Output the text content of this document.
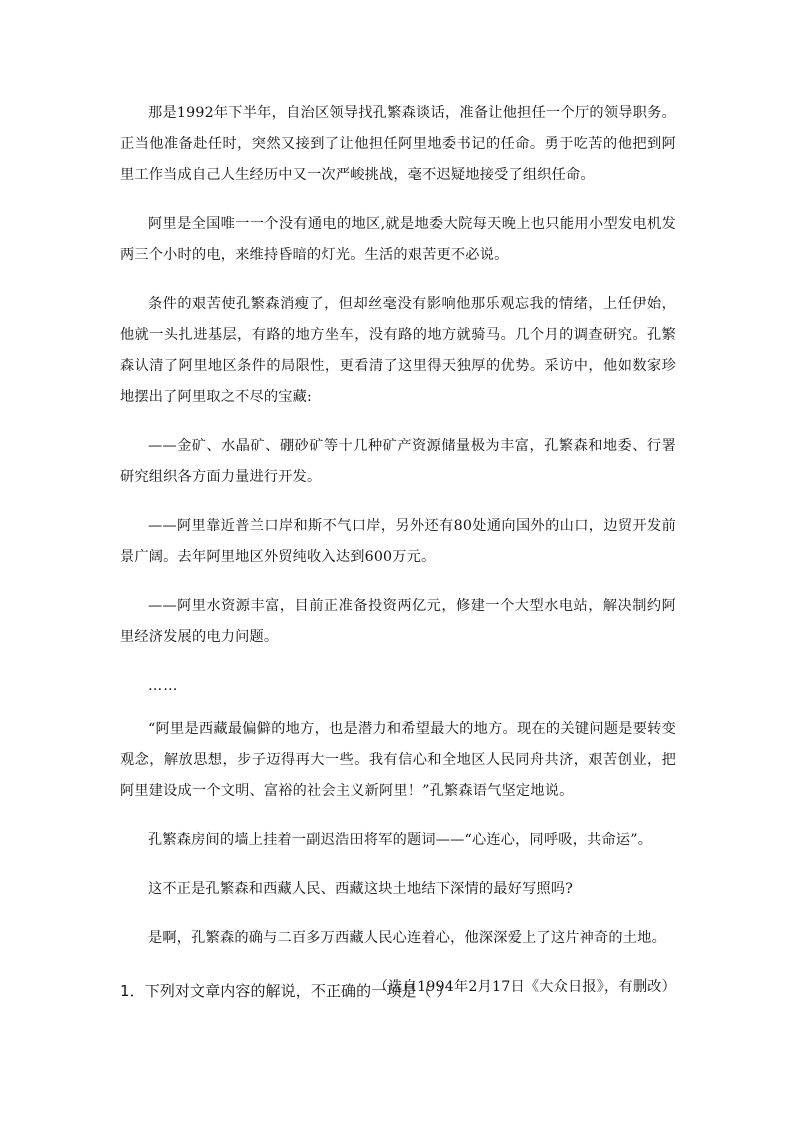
那是1992年下半年，自治区领导找孔繁森谈话，准备让他担任一个厅的领导职务。正当他准备赴任时，突然又接到了让他担任阿里地委书记的任命。勇于吃苦的他把到阿里工作当成自己人生经历中又一次严峻挑战，毫不迟疑地接受了组织任命。

阿里是全国唯一一个没有通电的地区,就是地委大院每天晚上也只能用小型发电机发两三个小时的电，来维持昏暗的灯光。生活的艰苦更不必说。

条件的艰苦使孔繁森消瘦了，但却丝毫没有影响他那乐观忘我的情绪，上任伊始，他就一头扎进基层，有路的地方坐车，没有路的地方就骑马。几个月的调查研究。孔繁森认清了阿里地区条件的局限性，更看清了这里得天独厚的优势。采访中，他如数家珍地摆出了阿里取之不尽的宝藏:

——金矿、水晶矿、硼砂矿等十几种矿产资源储量极为丰富，孔繁森和地委、行署研究组织各方面力量进行开发。

——阿里靠近普兰口岸和斯不气口岸，另外还有80处通向国外的山口，边贸开发前景广阔。去年阿里地区外贸纯收入达到600万元。

——阿里水资源丰富，目前正准备投资两亿元，修建一个大型水电站，解决制约阿里经济发展的电力问题。

……

“阿里是西藏最偏僻的地方，也是潜力和希望最大的地方。现在的关键问题是要转变观念，解放思想，步子迈得再大一些。我有信心和全地区人民同舟共济，艰苦创业，把阿里建设成一个文明、富裕的社会主义新阿里！”孔繁森语气坚定地说。

孔繁森房间的墙上挂着一副迟浩田将军的题词——“心连心，同呼吸，共命运”。

这不正是孔繁森和西藏人民、西藏这块土地结下深情的最好写照吗?

是啊，孔繁森的确与二百多万西藏人民心连着心，他深深爱上了这片神奇的土地。

（选自1994年2月17日《大众日报》，有删改）

1．下列对文章内容的解说，不正确的一项是（ ）
